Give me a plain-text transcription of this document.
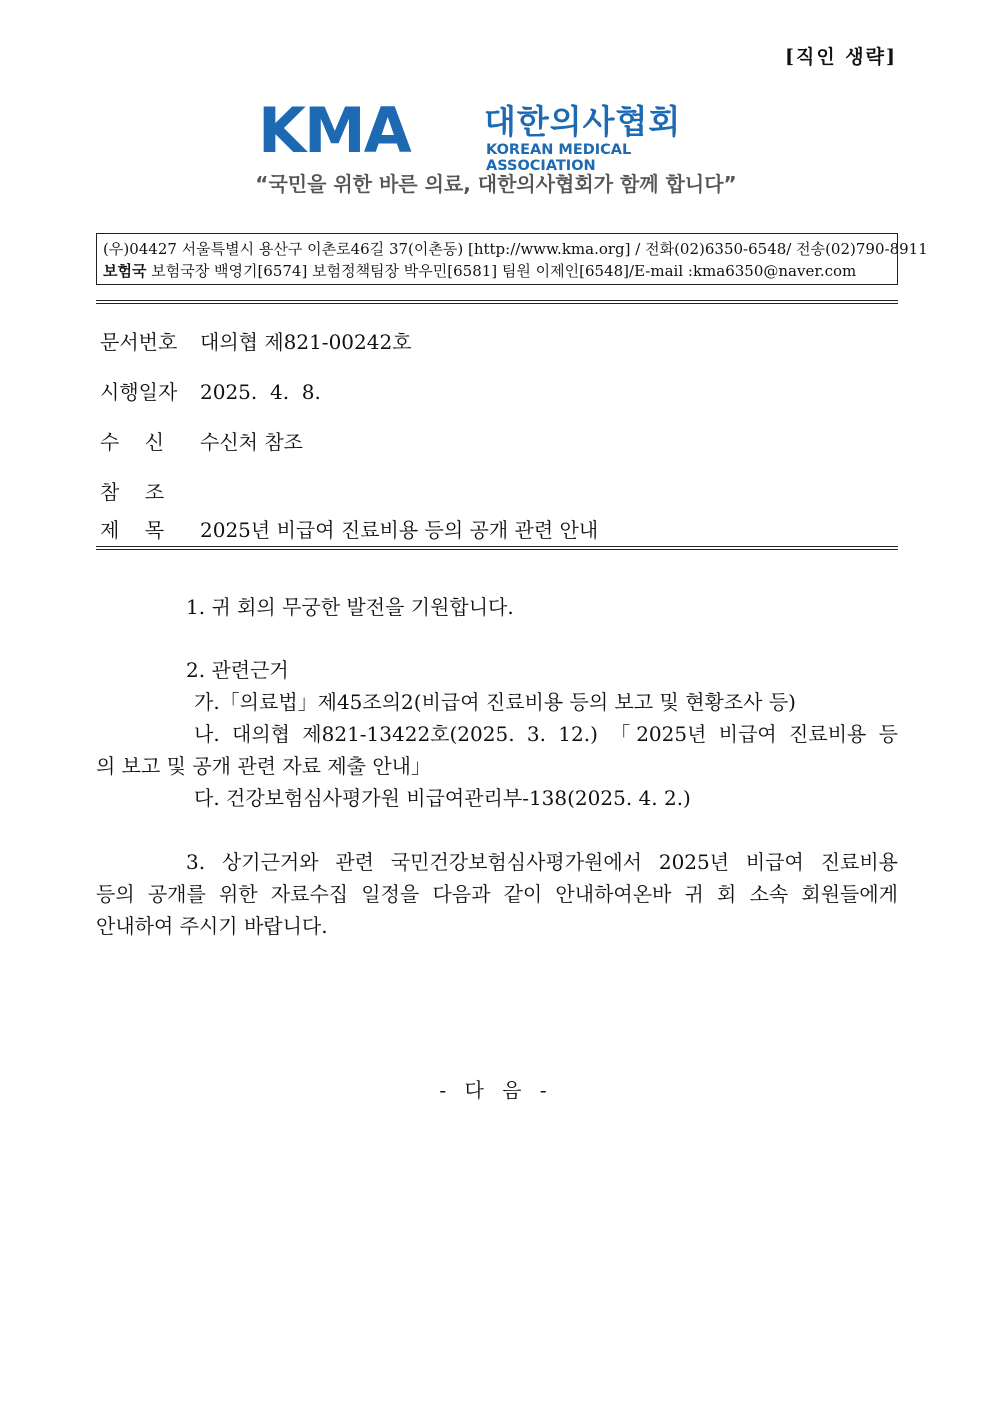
[직인 생략]
KMA 대한의사협회
KOREAN MEDICAL ASSOCIATION
“국민을 위한 바른 의료, 대한의사협회가 함께 합니다”
(우)04427 서울특별시 용산구 이촌로46길 37(이촌동) [http://www.kma.org] / 전화(02)6350-6548/ 전송(02)790-8911
보험국 보험국장 백영기[6574] 보험정책팀장 박우민[6581] 팀원 이제인[6548]/E-mail :kma6350@naver.com
문서번호 대의협 제821-00242호
시행일자 2025.  4.  8.
수    신 수신처 참조
참    조
제    목 2025년 비급여 진료비용 등의 공개 관련 안내
1. 귀 회의 무궁한 발전을 기원합니다.
2. 관련근거
가.「의료법」제45조의2(비급여 진료비용 등의 보고 및 현황조사 등)
나. 대의협 제821-13422호(2025. 3. 12.) 「2025년 비급여 진료비용 등
의 보고 및 공개 관련 자료 제출 안내」
다. 건강보험심사평가원 비급여관리부-138(2025. 4. 2.)
3. 상기근거와 관련 국민건강보험심사평가원에서 2025년 비급여 진료비용
등의 공개를 위한 자료수집 일정을 다음과 같이 안내하여온바 귀 회 소속 회원들에게
안내하여 주시기 바랍니다.
- 다 음 -
